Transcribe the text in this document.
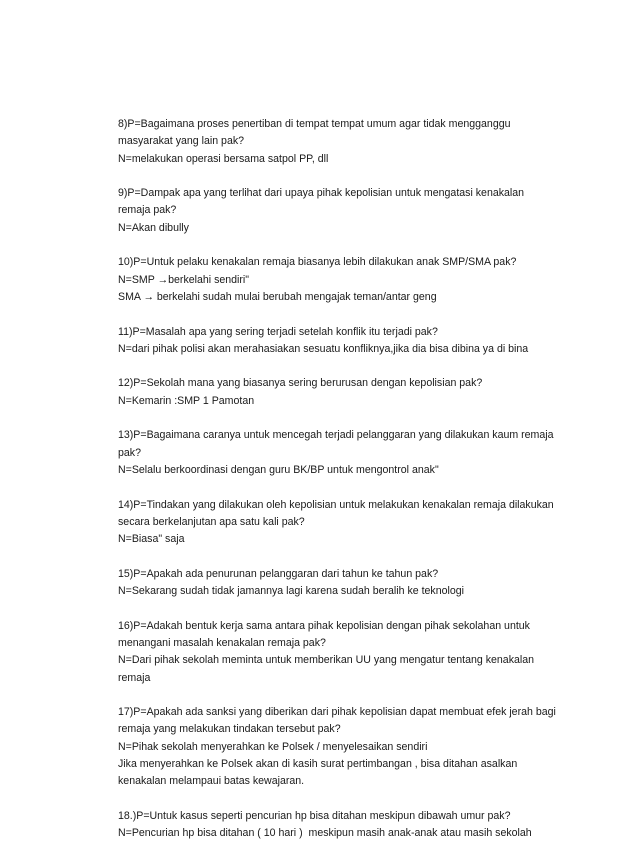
8)P=Bagaimana proses penertiban di tempat tempat umum agar tidak mengganggu
masyarakat yang lain pak?
N=melakukan operasi bersama satpol PP, dll
9)P=Dampak apa yang terlihat dari upaya pihak kepolisian untuk mengatasi kenakalan
remaja pak?
N=Akan dibully
10)P=Untuk pelaku kenakalan remaja biasanya lebih dilakukan anak SMP/SMA pak?
N=SMP →berkelahi sendiri"
SMA → berkelahi sudah mulai berubah mengajak teman/antar geng
11)P=Masalah apa yang sering terjadi setelah konflik itu terjadi pak?
N=dari pihak polisi akan merahasiakan sesuatu konfliknya,jika dia bisa dibina ya di bina
12)P=Sekolah mana yang biasanya sering berurusan dengan kepolisian pak?
N=Kemarin :SMP 1 Pamotan
13)P=Bagaimana caranya untuk mencegah terjadi pelanggaran yang dilakukan kaum remaja
pak?
N=Selalu berkoordinasi dengan guru BK/BP untuk mengontrol anak"
14)P=Tindakan yang dilakukan oleh kepolisian untuk melakukan kenakalan remaja dilakukan
secara berkelanjutan apa satu kali pak?
N=Biasa" saja
15)P=Apakah ada penurunan pelanggaran dari tahun ke tahun pak?
N=Sekarang sudah tidak jamannya lagi karena sudah beralih ke teknologi
16)P=Adakah bentuk kerja sama antara pihak kepolisian dengan pihak sekolahan untuk
menangani masalah kenakalan remaja pak?
N=Dari pihak sekolah meminta untuk memberikan UU yang mengatur tentang kenakalan
remaja
17)P=Apakah ada sanksi yang diberikan dari pihak kepolisian dapat membuat efek jerah bagi
remaja yang melakukan tindakan tersebut pak?
N=Pihak sekolah menyerahkan ke Polsek / menyelesaikan sendiri
Jika menyerahkan ke Polsek akan di kasih surat pertimbangan , bisa ditahan asalkan
kenakalan melampaui batas kewajaran.
18.)P=Untuk kasus seperti pencurian hp bisa ditahan meskipun dibawah umur pak?
N=Pencurian hp bisa ditahan ( 10 hari )  meskipun masih anak-anak atau masih sekolah
